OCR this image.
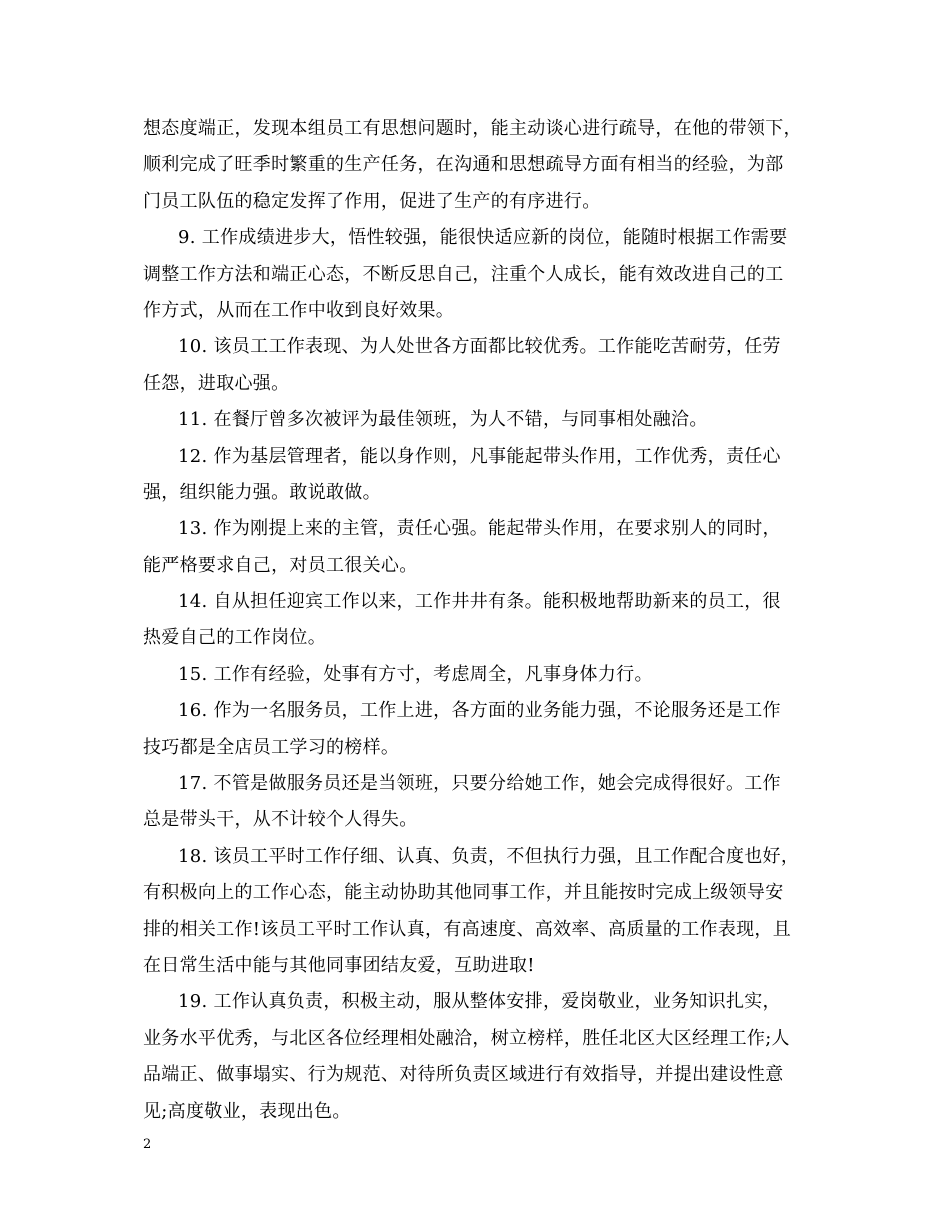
想态度端正，发现本组员工有思想问题时，能主动谈心进行疏导，在他的带领下，
顺利完成了旺季时繁重的生产任务，在沟通和思想疏导方面有相当的经验，为部
门员工队伍的稳定发挥了作用，促进了生产的有序进行。
9. 工作成绩进步大，悟性较强，能很快适应新的岗位，能随时根据工作需要
调整工作方法和端正心态，不断反思自己，注重个人成长，能有效改进自己的工
作方式，从而在工作中收到良好效果。
10. 该员工工作表现、为人处世各方面都比较优秀。工作能吃苦耐劳，任劳
任怨，进取心强。
11. 在餐厅曾多次被评为最佳领班，为人不错，与同事相处融洽。
12. 作为基层管理者，能以身作则，凡事能起带头作用，工作优秀，责任心
强，组织能力强。敢说敢做。
13. 作为刚提上来的主管，责任心强。能起带头作用，在要求别人的同时，
能严格要求自己，对员工很关心。
14. 自从担任迎宾工作以来，工作井井有条。能积极地帮助新来的员工，很
热爱自己的工作岗位。
15. 工作有经验，处事有方寸，考虑周全，凡事身体力行。
16. 作为一名服务员，工作上进，各方面的业务能力强，不论服务还是工作
技巧都是全店员工学习的榜样。
17. 不管是做服务员还是当领班，只要分给她工作，她会完成得很好。工作
总是带头干，从不计较个人得失。
18. 该员工平时工作仔细、认真、负责，不但执行力强，且工作配合度也好，
有积极向上的工作心态，能主动协助其他同事工作，并且能按时完成上级领导安
排的相关工作!该员工平时工作认真，有高速度、高效率、高质量的工作表现，且
在日常生活中能与其他同事团结友爱，互助进取!
19. 工作认真负责，积极主动，服从整体安排，爱岗敬业，业务知识扎实，
业务水平优秀，与北区各位经理相处融洽，树立榜样，胜任北区大区经理工作;人
品端正、做事塌实、行为规范、对待所负责区域进行有效指导，并提出建设性意
见;高度敬业，表现出色。
2
